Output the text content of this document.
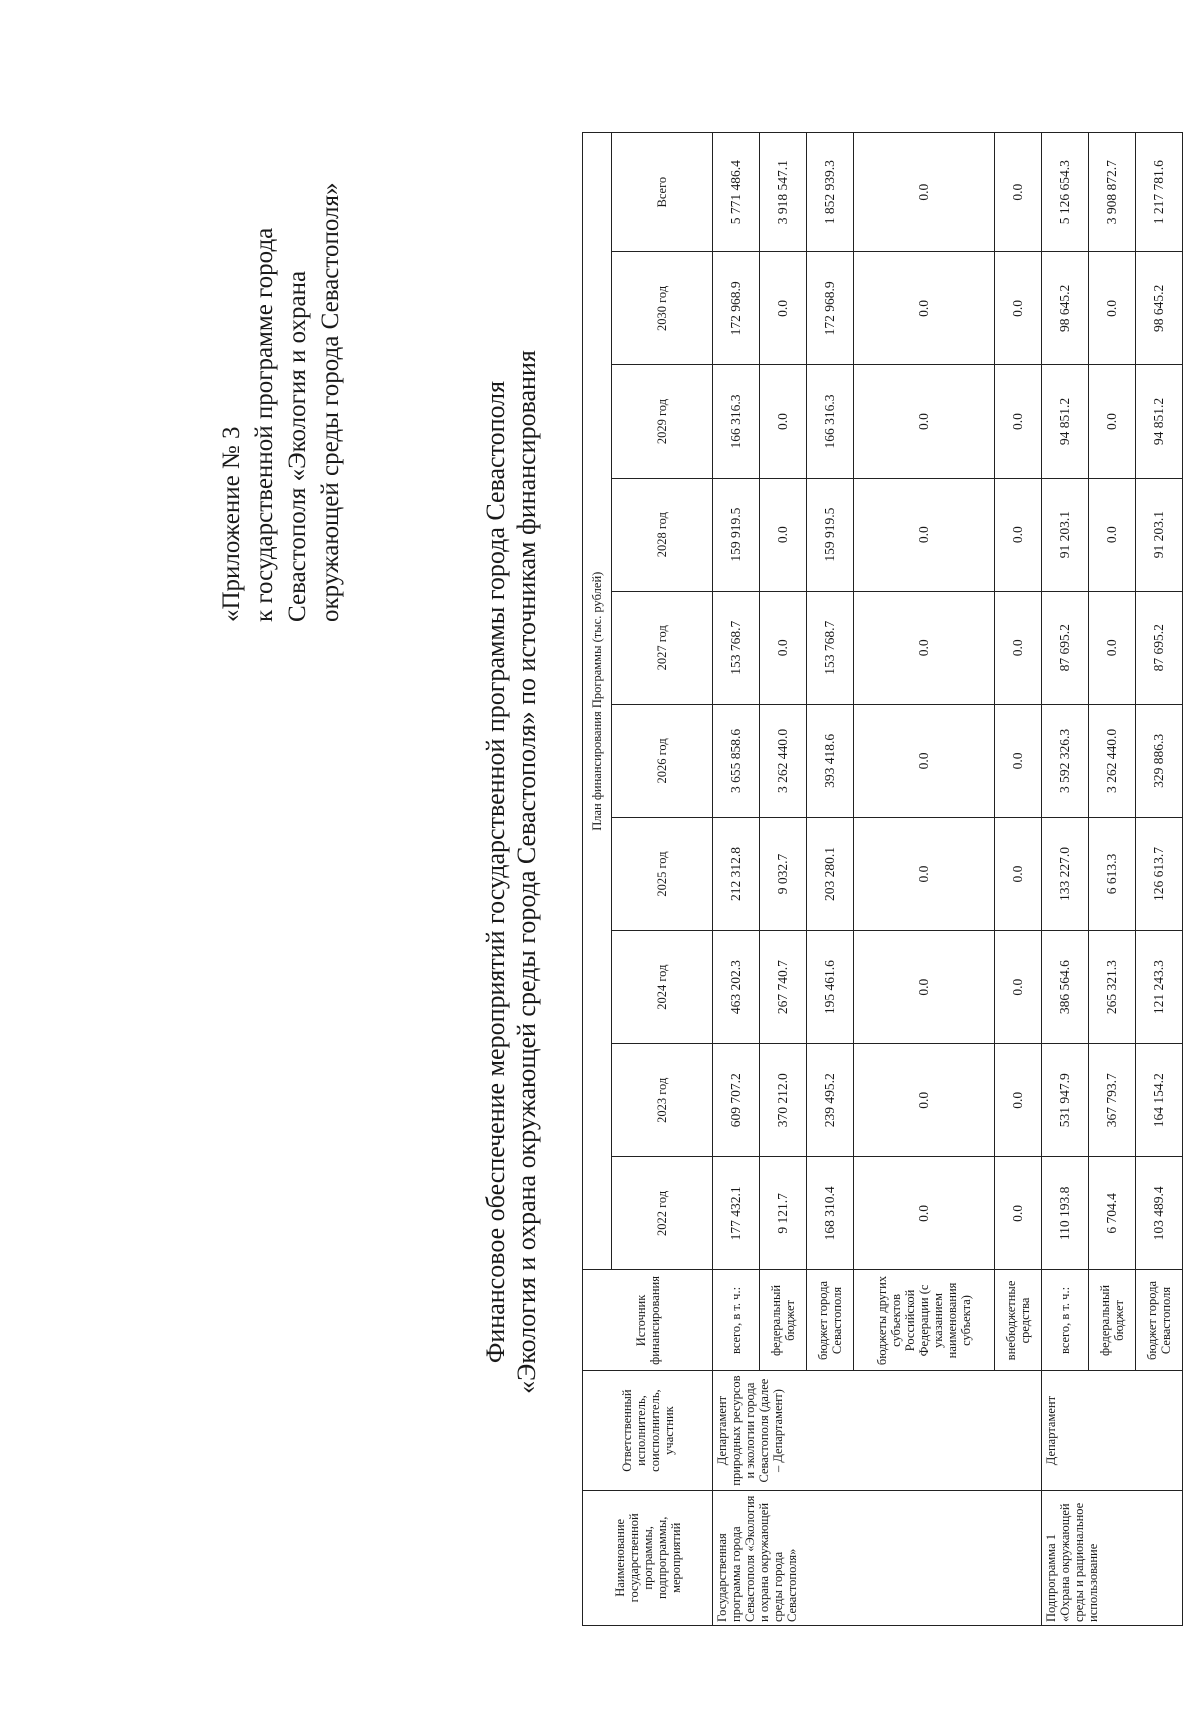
«Приложение № 3 к государственной программе города Севастополя «Экология и охрана окружающей среды города Севастополя»	Финансовое обеспечение мероприятий государственной программы города Севастополя «Экология и охрана окружающей среды города Севастополя» по источникам финансирования
Наименование государственной программы, подпрограммы, мероприятий	Ответственный исполнитель, соисполнитель, участник	Источник финансирования	План финансирования Программы (тыс. рублей)									
			2022 год	2023 год	2024 год	2025 год	2026 год	2027 год	2028 год	2029 год	2030 год	Всего
Государственная программа города Севастополя «Экология и охрана окружающей среды города Севастополя»	Департамент природных ресурсов и экологии города Севастополя (далее – Департамент)	всего, в т. ч.:	177 432.1	609 707.2	463 202.3	212 312.8	3 655 858.6	153 768.7	159 919.5	166 316.3	172 968.9	5 771 486.4
		федеральный бюджет	9 121.7	370 212.0	267 740.7	9 032.7	3 262 440.0	0.0	0.0	0.0	0.0	3 918 547.1
		бюджет города Севастополя	168 310.4	239 495.2	195 461.6	203 280.1	393 418.6	153 768.7	159 919.5	166 316.3	172 968.9	1 852 939.3
		бюджеты других субъектов Российской Федерации (с указанием наименования субъекта)	0.0	0.0	0.0	0.0	0.0	0.0	0.0	0.0	0.0	0.0
		внебюджетные средства	0.0	0.0	0.0	0.0	0.0	0.0	0.0	0.0	0.0	0.0
Подпрограмма 1 «Охрана окружающей среды и рациональное использование	Департамент	всего, в т. ч.:	110 193.8	531 947.9	386 564.6	133 227.0	3 592 326.3	87 695.2	91 203.1	94 851.2	98 645.2	5 126 654.3
		федеральный бюджет	6 704.4	367 793.7	265 321.3	6 613.3	3 262 440.0	0.0	0.0	0.0	0.0	3 908 872.7
		бюджет города Севастополя	103 489.4	164 154.2	121 243.3	126 613.7	329 886.3	87 695.2	91 203.1	94 851.2	98 645.2	1 217 781.6
